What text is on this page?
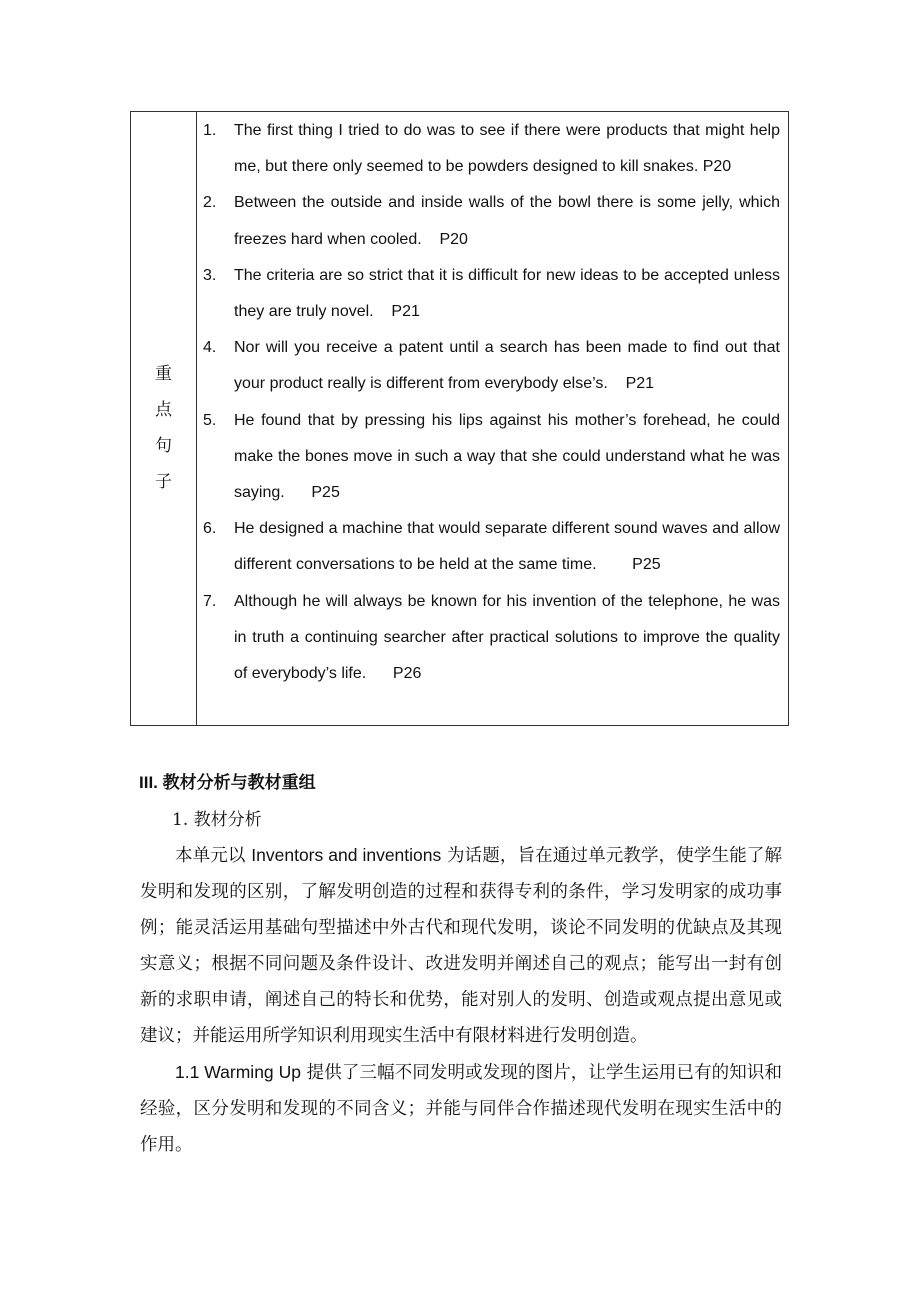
重点句子
1.	The first thing I tried to do was to see if there were products that might help me, but there only seemed to be powders designed to kill snakes. P20
2.	Between the outside and inside walls of the bowl there is some jelly, which freezes hard when cooled. P20
3.	The criteria are so strict that it is difficult for new ideas to be accepted unless they are truly novel. P21
4.	Nor will you receive a patent until a search has been made to find out that your product really is different from everybody else’s. P21
5.	He found that by pressing his lips against his mother’s forehead, he could make the bones move in such a way that she could understand what he was saying. P25
6.	He designed a machine that would separate different sound waves and allow different conversations to be held at the same time. P25
7.	Although he will always be known for his invention of the telephone, he was in truth a continuing searcher after practical solutions to improve the quality of everybody’s life. P26
III. 教材分析与教材重组
1. 教材分析
本单元以 Inventors and inventions 为话题，旨在通过单元教学，使学生能了解发明和发现的区别，了解发明创造的过程和获得专利的条件，学习发明家的成功事例；能灵活运用基础句型描述中外古代和现代发明，谈论不同发明的优缺点及其现实意义；根据不同问题及条件设计、改进发明并阐述自己的观点；能写出一封有创新的求职申请，阐述自己的特长和优势，能对别人的发明、创造或观点提出意见或建议；并能运用所学知识利用现实生活中有限材料进行发明创造。
1.1 Warming Up 提供了三幅不同发明或发现的图片，让学生运用已有的知识和经验，区分发明和发现的不同含义；并能与同伴合作描述现代发明在现实生活中的作用。
